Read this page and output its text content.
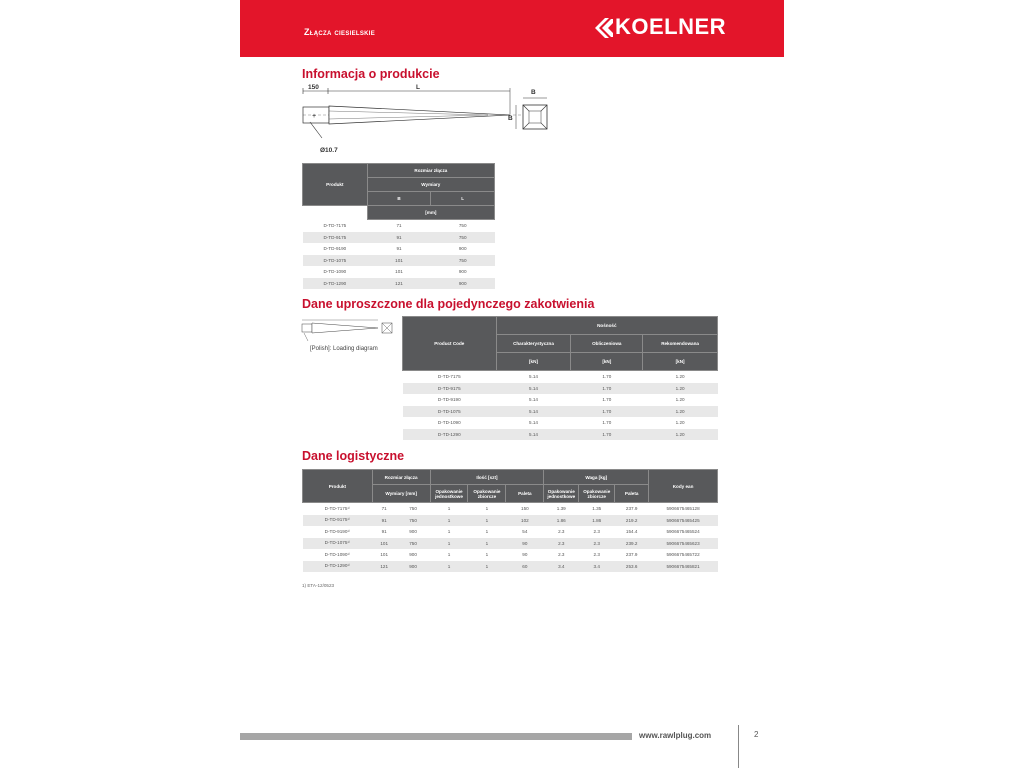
Złącza ciesielskie	KOELNER
Informacja o produkcie
150	L
+
Ø10.7
B
B
Produkt	Rozmiar złącza	
	Wymiary	
	B	L
	[mm]	
D-TD-7175	71	750
D-TD-9175	91	750
D-TD-9190	91	900
D-TD-1075	101	750
D-TD-1090	101	900
D-TD-1290	121	900
Dane uproszczone dla pojedynczego zakotwienia
[Polish]: Loading diagram
Product Code	Nośność		
	Charakterystyczna	Obliczeniowa	Rekomendowana
	[kN]	[kN]	[kN]
D-TD-7175	5.14	1.70	1.20
D-TD-9175	5.14	1.70	1.20
D-TD-9190	5.14	1.70	1.20
D-TD-1075	5.14	1.70	1.20
D-TD-1090	5.14	1.70	1.20
D-TD-1290	5.14	1.70	1.20
Dane logistyczne
Produkt	Rozmiar złącza		Ilość [szt]			Waga [kg]			Kody ean
	Wymiary [mm]		Opakowanie jednostkowe	Opakowanie zbiorcze	Paleta	Opakowanie jednostkowe	Opakowanie zbiorcze	Paleta	
D-TD-7175¹⁾	71	750	1	1	150	1.39	1.35	237.9	5906675465128
D-TD-9175¹⁾	91	750	1	1	102	1.86	1.86	219.2	5906675465425
D-TD-9190¹⁾	91	900	1	1	54	2.3	2.3	154.4	5906675465524
D-TD-1075¹⁾	101	750	1	1	90	2.3	2.3	239.2	5906675465623
D-TD-1090¹⁾	101	900	1	1	90	2.3	2.3	237.9	5906675465722
D-TD-1290¹⁾	121	900	1	1	60	3.4	3.4	253.6	5906675465821
1) ETA-12/0523
www.rawlplug.com	2
